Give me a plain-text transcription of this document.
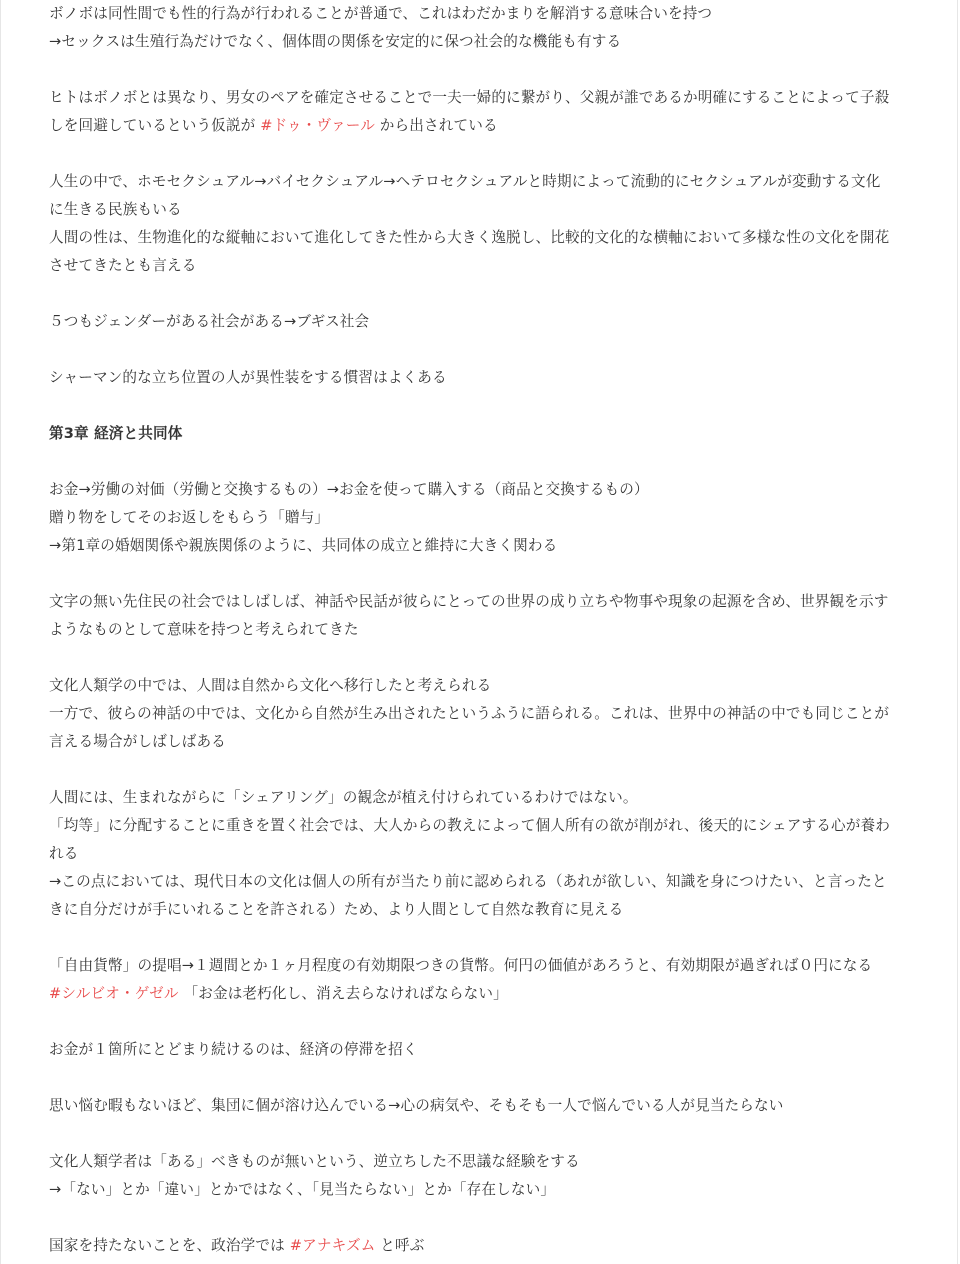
ボノボは同性間でも性的行為が行われることが普通で、これはわだかまりを解消する意味合いを持つ
→セックスは生殖行為だけでなく、個体間の関係を安定的に保つ社会的な機能も有する
ヒトはボノボとは異なり、男女のペアを確定させることで一夫一婦的に繋がり、父親が誰であるか明確にすることによって子殺
しを回避しているという仮説が #ドゥ・ヴァール から出されている
人生の中で、ホモセクシュアル→バイセクシュアル→ヘテロセクシュアルと時期によって流動的にセクシュアルが変動する文化
に生きる民族もいる
人間の性は、生物進化的な縦軸において進化してきた性から大きく逸脱し、比較的文化的な横軸において多様な性の文化を開花
させてきたとも言える
５つもジェンダーがある社会がある→ブギス社会
シャーマン的な立ち位置の人が異性装をする慣習はよくある
第3章 経済と共同体
お金→労働の対価（労働と交換するもの）→お金を使って購入する（商品と交換するもの）
贈り物をしてそのお返しをもらう「贈与」
→第1章の婚姻関係や親族関係のように、共同体の成立と維持に大きく関わる
文字の無い先住民の社会ではしばしば、神話や民話が彼らにとっての世界の成り立ちや物事や現象の起源を含め、世界観を示す
ようなものとして意味を持つと考えられてきた
文化人類学の中では、人間は自然から文化へ移行したと考えられる
一方で、彼らの神話の中では、文化から自然が生み出されたというふうに語られる。これは、世界中の神話の中でも同じことが
言える場合がしばしばある
人間には、生まれながらに「シェアリング」の観念が植え付けられているわけではない。
「均等」に分配することに重きを置く社会では、大人からの教えによって個人所有の欲が削がれ、後天的にシェアする心が養わ
れる
→この点においては、現代日本の文化は個人の所有が当たり前に認められる（あれが欲しい、知識を身につけたい、と言ったと
きに自分だけが手にいれることを許される）ため、より人間として自然な教育に見える
「自由貨幣」の提唱→１週間とか１ヶ月程度の有効期限つきの貨幣。何円の価値があろうと、有効期限が過ぎれば０円になる
#シルビオ・ゲゼル 「お金は老朽化し、消え去らなければならない」
お金が１箇所にとどまり続けるのは、経済の停滞を招く
思い悩む暇もないほど、集団に個が溶け込んでいる→心の病気や、そもそも一人で悩んでいる人が見当たらない
文化人類学者は「ある」べきものが無いという、逆立ちした不思議な経験をする
→「ない」とか「違い」とかではなく、「見当たらない」とか「存在しない」
国家を持たないことを、政治学では #アナキズム と呼ぶ
